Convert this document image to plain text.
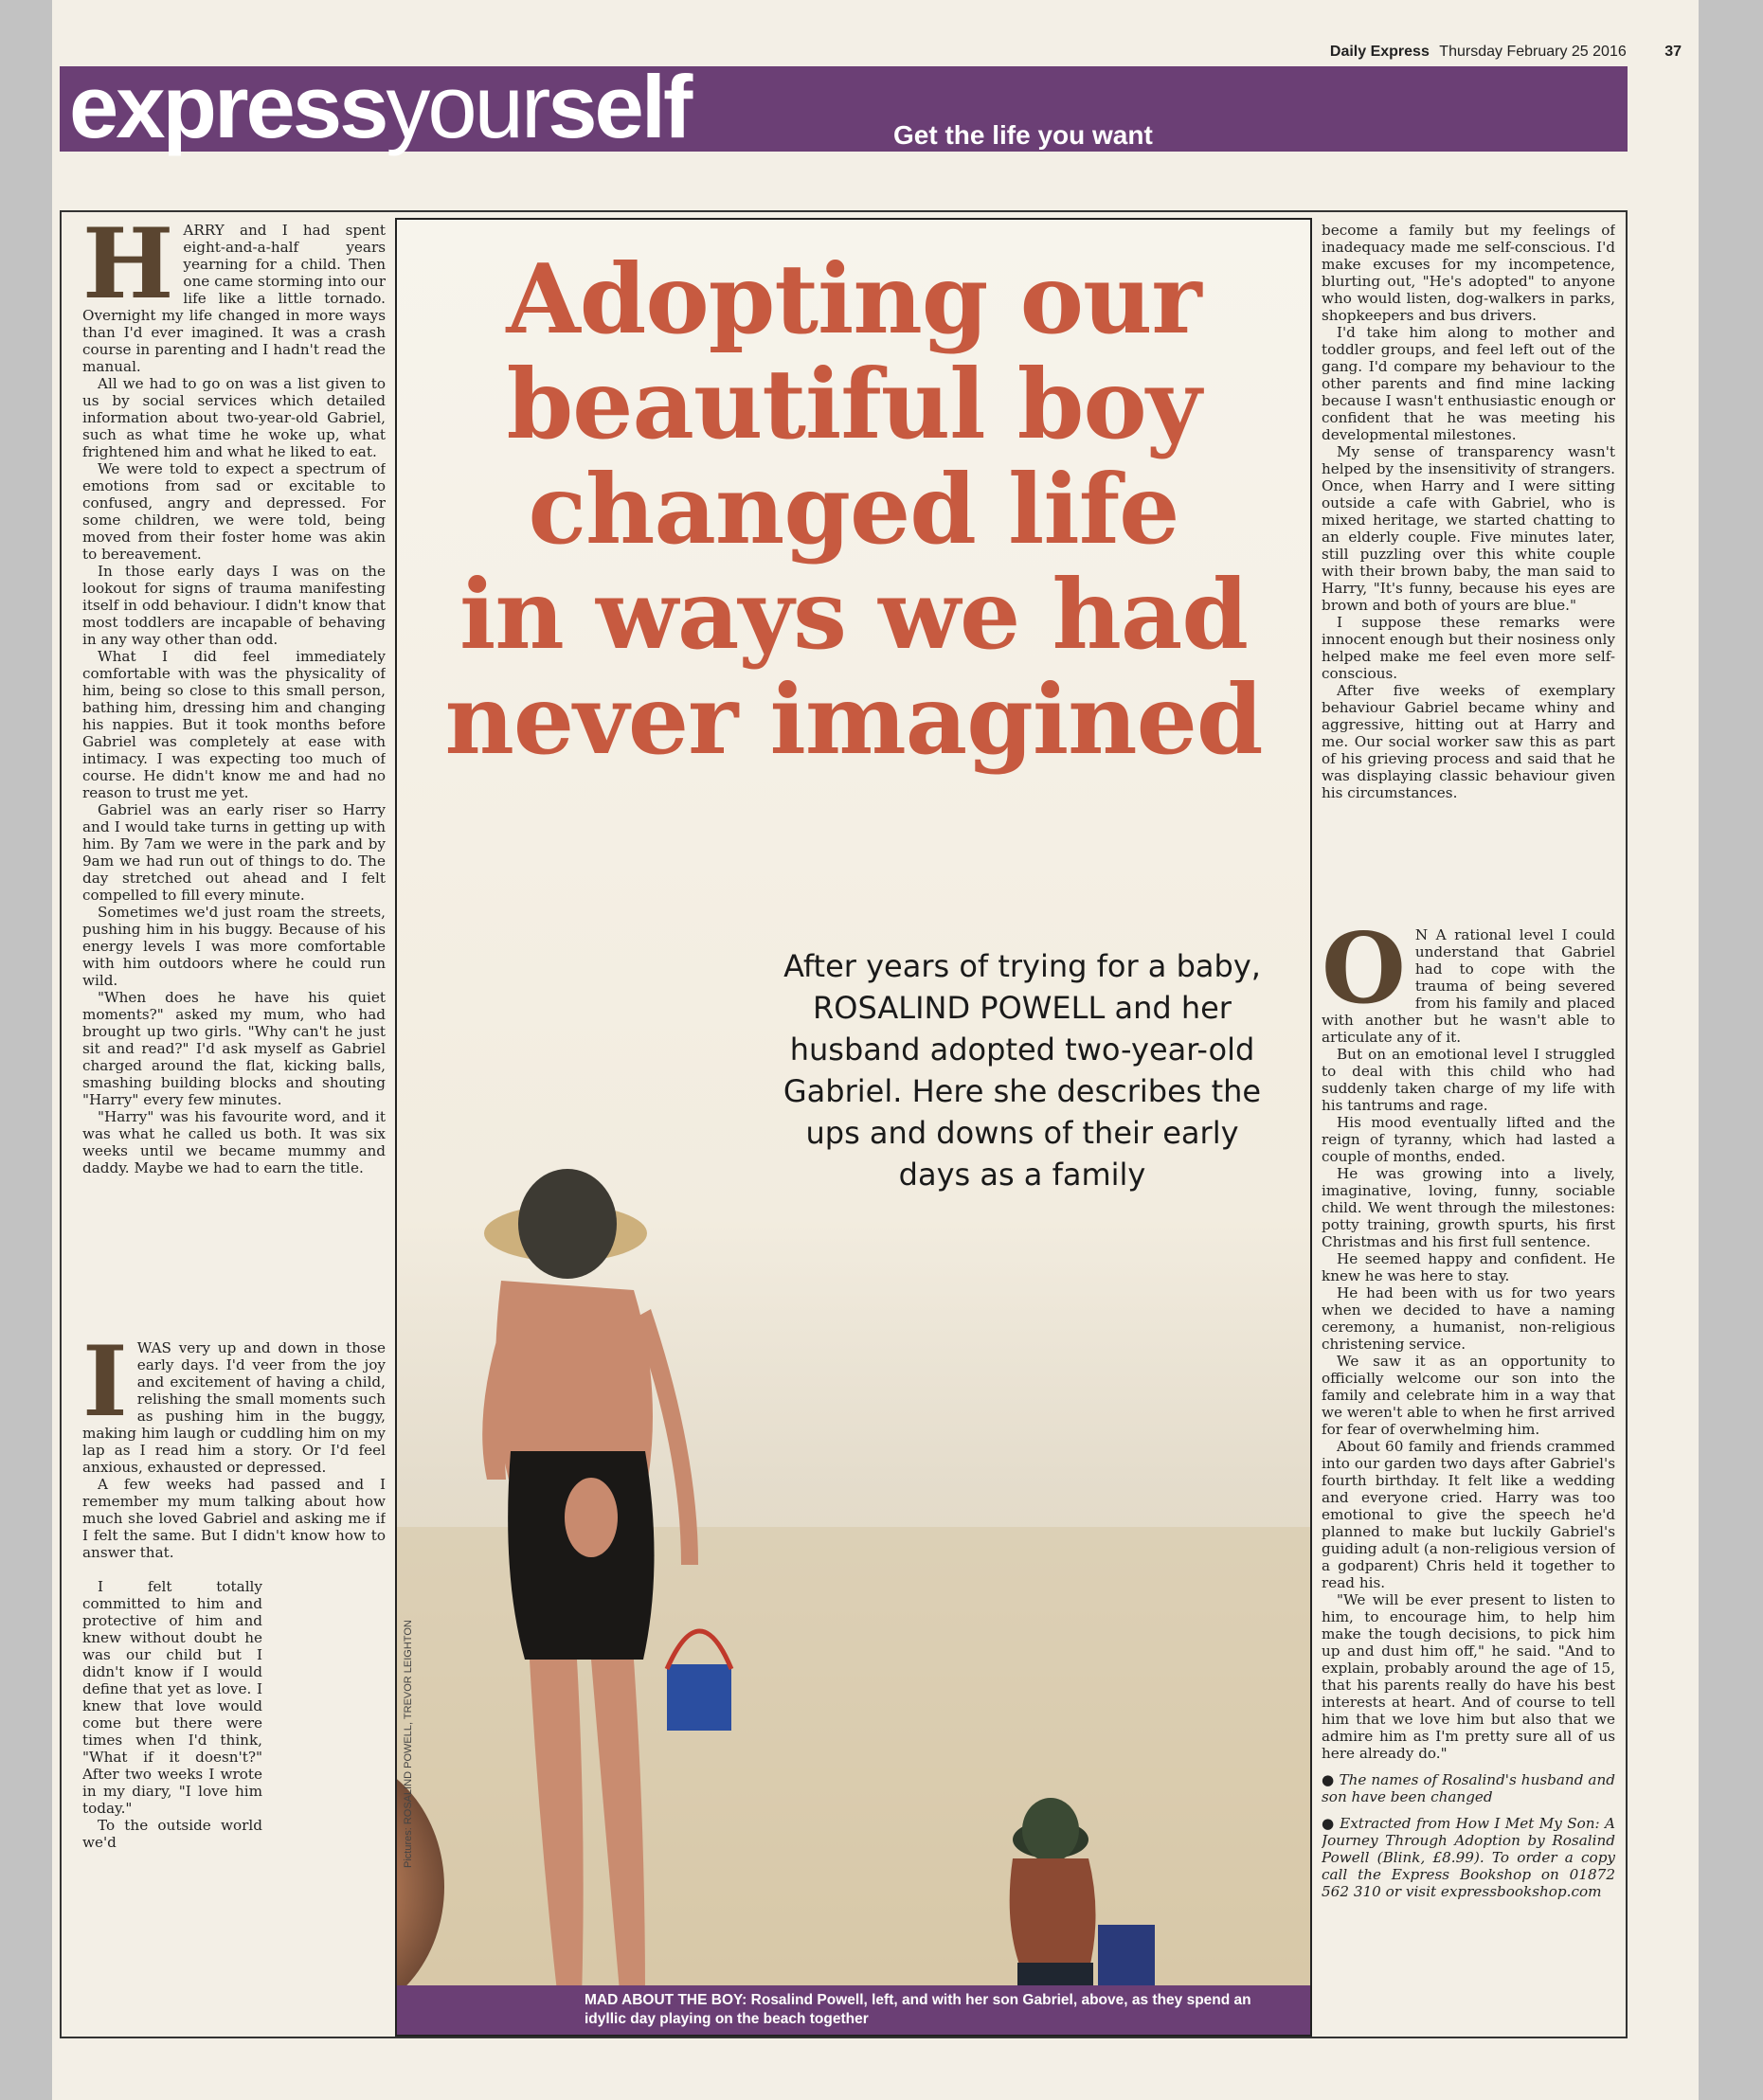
Daily Express Thursday February 25 2016	37
expressyourself	Get the life you want

HARRY and I had spent eight-and-a-half years yearning for a child. Then one came storming into our life like a little tornado. Overnight my life changed in more ways than I'd ever imagined. It was a crash course in parenting and I hadn't read the manual.

All we had to go on was a list given to us by social services which detailed information about two-year-old Gabriel, such as what time he woke up, what frightened him and what he liked to eat.

We were told to expect a spectrum of emotions from sad or excitable to confused, angry and depressed. For some children, we were told, being moved from their foster home was akin to bereavement.

In those early days I was on the lookout for signs of trauma manifesting itself in odd behaviour. I didn't know that most toddlers are incapable of behaving in any way other than odd.

What I did feel immediately comfortable with was the physicality of him, being so close to this small person, bathing him, dressing him and changing his nappies. But it took months before Gabriel was completely at ease with intimacy. I was expecting too much of course. He didn't know me and had no reason to trust me yet.

Gabriel was an early riser so Harry and I would take turns in getting up with him. By 7am we were in the park and by 9am we had run out of things to do. The day stretched out ahead and I felt compelled to fill every minute.

Sometimes we'd just roam the streets, pushing him in his buggy. Because of his energy levels I was more comfortable with him outdoors where he could run wild.

"When does he have his quiet moments?" asked my mum, who had brought up two girls. "Why can't he just sit and read?" I'd ask myself as Gabriel charged around the flat, kicking balls, smashing building blocks and shouting "Harry" every few minutes.

"Harry" was his favourite word, and it was what he called us both. It was six weeks until we became mummy and daddy. Maybe we had to earn the title.

IWAS very up and down in those early days. I'd veer from the joy and excitement of having a child, relishing the small moments such as pushing him in the buggy, making him laugh or cuddling him on my lap as I read him a story. Or I'd feel anxious, exhausted or depressed.

A few weeks had passed and I remember my mum talking about how much she loved Gabriel and asking me if I felt the same. But I didn't know how to answer that.

I felt totally committed to him and protective of him and knew without doubt he was our child but I didn't know if I would define that yet as love. I knew that love would come but there were times when I'd think, "What if it doesn't?" After two weeks I wrote in my diary, "I love him today."

To the outside world we'd

Adopting our
beautiful boy
changed life
in ways we had
never imagined
After years of trying for a baby, ROSALIND POWELL and her husband adopted two-year-old Gabriel. Here she describes the ups and downs of their early days as a family
Pictures: ROSALIND POWELL, TREVOR LEIGHTON
MAD ABOUT THE BOY: Rosalind Powell, left, and with her son Gabriel, above, as they spend an idyllic day playing on the beach together

become a family but my feelings of inadequacy made me self-conscious. I'd make excuses for my incompetence, blurting out, "He's adopted" to anyone who would listen, dog-walkers in parks, shopkeepers and bus drivers.

I'd take him along to mother and toddler groups, and feel left out of the gang. I'd compare my behaviour to the other parents and find mine lacking because I wasn't enthusiastic enough or confident that he was meeting his developmental milestones.

My sense of transparency wasn't helped by the insensitivity of strangers. Once, when Harry and I were sitting outside a cafe with Gabriel, who is mixed heritage, we started chatting to an elderly couple. Five minutes later, still puzzling over this white couple with their brown baby, the man said to Harry, "It's funny, because his eyes are brown and both of yours are blue."

I suppose these remarks were innocent enough but their nosiness only helped make me feel even more self-conscious.

After five weeks of exemplary behaviour Gabriel became whiny and aggressive, hitting out at Harry and me. Our social worker saw this as part of his grieving process and said that he was displaying classic behaviour given his circumstances.

O N A rational level I could understand that Gabriel had to cope with the trauma of being severed from his family and placed with another but he wasn't able to articulate any of it.

But on an emotional level I struggled to deal with this child who had suddenly taken charge of my life with his tantrums and rage.

His mood eventually lifted and the reign of tyranny, which had lasted a couple of months, ended.

He was growing into a lively, imaginative, loving, funny, sociable child. We went through the milestones: potty training, growth spurts, his first Christmas and his first full sentence.

He seemed happy and confident. He knew he was here to stay.

He had been with us for two years when we decided to have a naming ceremony, a humanist, non-religious christening service.

We saw it as an opportunity to officially welcome our son into the family and celebrate him in a way that we weren't able to when he first arrived for fear of overwhelming him.

About 60 family and friends crammed into our garden two days after Gabriel's fourth birthday. It felt like a wedding and everyone cried. Harry was too emotional to give the speech he'd planned to make but luckily Gabriel's guiding adult (a non-religious version of a godparent) Chris held it together to read his.

"We will be ever present to listen to him, to encourage him, to help him make the tough decisions, to pick him up and dust him off," he said. "And to explain, probably around the age of 15, that his parents really do have his best interests at heart. And of course to tell him that we love him but also that we admire him as I'm pretty sure all of us here already do."

● The names of Rosalind's husband and son have been changed

● Extracted from How I Met My Son: A Journey Through Adoption by Rosalind Powell (Blink, £8.99). To order a copy call the Express Bookshop on 01872 562 310 or visit expressbookshop.com
